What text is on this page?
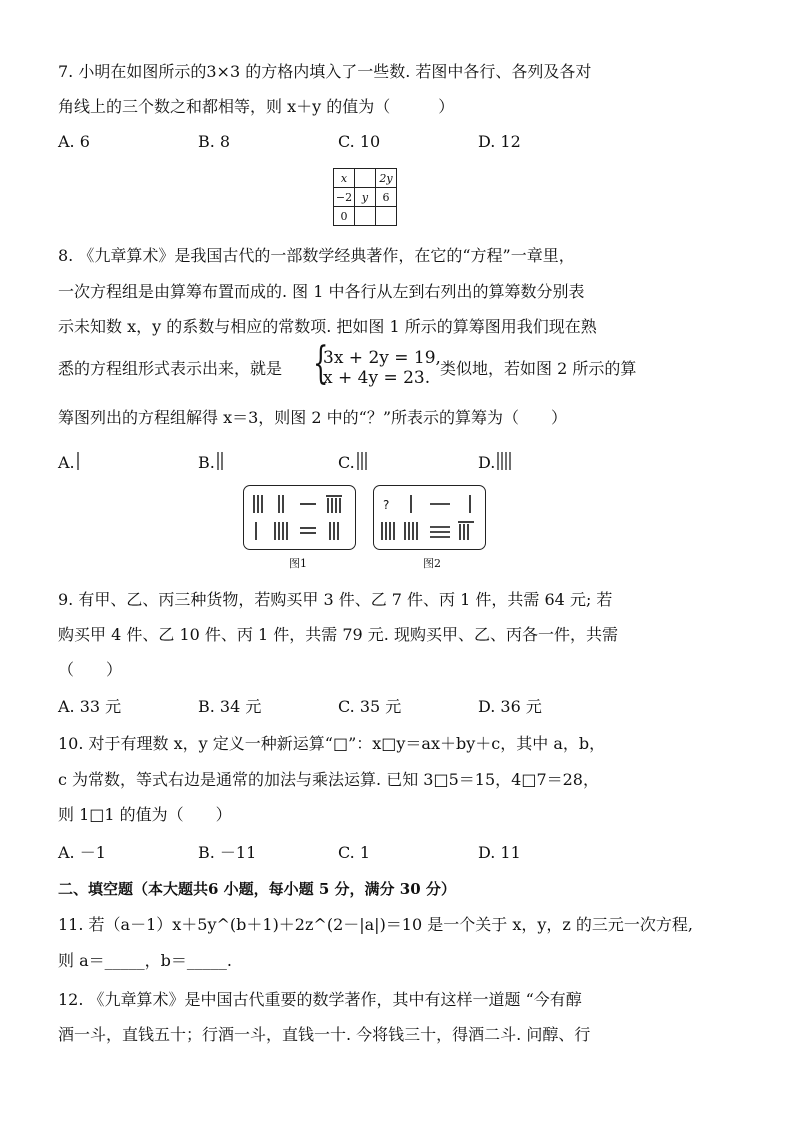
7. 小明在如图所示的3×3 的方格内填入了一些数. 若图中各行、各列及各对
角线上的三个数之和都相等，则 x＋y 的值为（　　　）
A. 6	B. 8	C. 10	D. 12
x		2y
−2	y	6
0		
8. 《九章算术》是我国古代的一部数学经典著作，在它的“方程”一章里，
一次方程组是由算筹布置而成的. 图 1 中各行从左到右列出的算筹数分别表
示未知数 x，y 的系数与相应的常数项. 把如图 1 所示的算筹图用我们现在熟
悉的方程组形式表示出来，就是 {
3x + 2y = 19,
x + 4y = 23. 类似地，若如图 2 所示的算
筹图列出的方程组解得 x＝3，则图 2 中的“？”所表示的算筹为（　　）
A.	B.	C.	D.
图1
?
图2
9. 有甲、乙、丙三种货物，若购买甲 3 件、乙 7 件、丙 1 件，共需 64 元; 若
购买甲 4 件、乙 10 件、丙 1 件，共需 79 元. 现购买甲、乙、丙各一件，共需
（　　）
A. 33 元	B. 34 元	C. 35 元	D. 36 元
10. 对于有理数 x，y 定义一种新运算“□”：x□y＝ax＋by＋c，其中 a，b，
c 为常数，等式右边是通常的加法与乘法运算. 已知 3□5＝15，4□7＝28，
则 1□1 的值为（　　）
A. －1	B. －11	C. 1	D. 11
二、填空题（本大题共6 小题，每小题 5 分，满分 30 分）
11. 若（a－1）x＋5y^(b＋1)＋2z^(2－|a|)＝10 是一个关于 x，y，z 的三元一次方程,
则 a＝_____，b＝_____.
12. 《九章算术》是中国古代重要的数学著作，其中有这样一道题 “今有醇
酒一斗，直钱五十；行酒一斗，直钱一十. 今将钱三十，得酒二斗. 问醇、行
